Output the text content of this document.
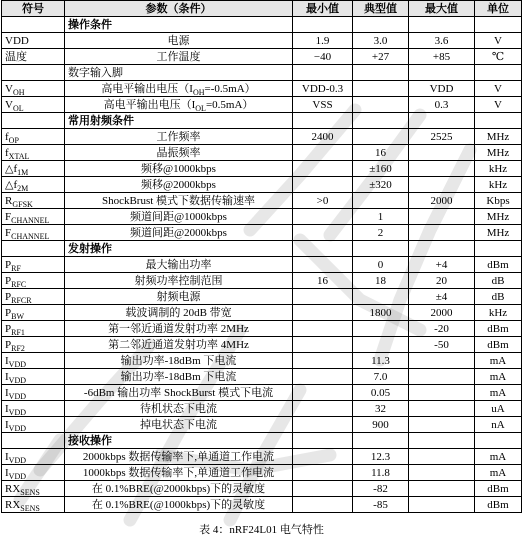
符号	参数（条件）	最小值	典型值	最大值	单位
	操作条件				
VDD	电源	1.9	3.0	3.6	V
温度	工作温度	−40	+27	+85	℃
	数字输入脚				
$V_{OH}$	高电平输出电压$(I_{OH}=-0.5mA)$	VDD-0.3		VDD	V
$V_{OL}$	高电平输出电压$(I_{OL}=0.5mA)$	VSS		0.3	V
	常用射频条件				
$f_{OP}$	工作频率	2400		2525	MHz
$f_{XTAL}$	晶振频率		16		MHz
$\triangle f_{1M}$	频移@1000kbps		±160		kHz
$\triangle f_{2M}$	频移@2000kbps		±320		kHz
$R_{GFSK}$	ShockBrust 模式下数据传输速率	>0		2000	Kbps
$F_{CHANNEL}$	频道间距@1000kbps		1		MHz
$F_{CHANNEL}$	频道间距@2000kbps		2		MHz
	发射操作				
$P_{RF}$	最大输出功率		0	+4	dBm
$P_{RFC}$	射频功率控制范围	16	18	20	dB
$P_{RFCR}$	射频电源			±4	dB
$P_{BW}$	载波调制的 20dB 带宽		1800	2000	kHz
$P_{RF1}$	第一邻近通道发射功率 2MHz			-20	dBm
$P_{RF2}$	第二邻近通道发射功率 4MHz			-50	dBm
$I_{VDD}$	输出功率-18dBm 下电流		11.3		mA
$I_{VDD}$	输出功率-18dBm 下电流		7.0		mA
$I_{VDD}$	-6dBm 输出功率 ShockBurst 模式下电流		0.05		mA
$I_{VDD}$	待机状态下电流		32		uA
$I_{VDD}$	掉电状态下电流		900		nA
	接收操作				
$I_{VDD}$	2000kbps 数据传输率下,单通道工作电流		12.3		mA
$I_{VDD}$	1000kbps 数据传输率下,单通道工作电流		11.8		mA
$RX_{SENS}$	在 0.1%BRE(@2000kbps)下的灵敏度		-82		dBm
$RX_{SENS}$	在 0.1%BRE(@1000kbps)下的灵敏度		-85		dBm
表 4：nRF24L01 电气特性
